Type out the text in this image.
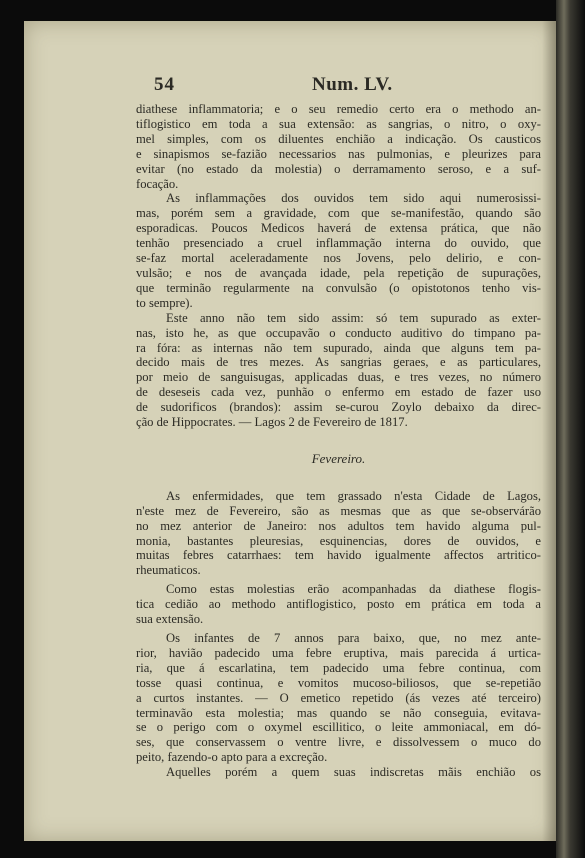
54	Num. LV.
diathese inflammatoria; e o seu remedio certo era o methodo an-
tiflogistico em toda a sua extensão: as sangrias, o nitro, o oxy-
mel simples, com os diluentes enchião a indicação. Os causticos
e sinapismos se-fazião necessarios nas pulmonias, e pleurizes para
evitar (no estado da molestia) o derramamento seroso, e a suf-
focação.
As inflammações dos ouvidos tem sido aqui numerosissi-
mas, porém sem a gravidade, com que se-manifestão, quando são
esporadicas. Poucos Medicos haverá de extensa prática, que não
tenhão presenciado a cruel inflammação interna do ouvido, que
se-faz mortal aceleradamente nos Jovens, pelo delirio, e con-
vulsão; e nos de avançada idade, pela repetição de supurações,
que terminão regularmente na convulsão (o opistotonos tenho vis-
to sempre).
Este anno não tem sido assim: só tem supurado as exter-
nas, isto he, as que occupavão o conducto auditivo do timpano pa-
ra fóra: as internas não tem supurado, ainda que alguns tem pa-
decido mais de tres mezes. As sangrias geraes, e as particulares,
por meio de sanguisugas, applicadas duas, e tres vezes, no número
de deseseis cada vez, punhão o enfermo em estado de fazer uso
de sudorificos (brandos): assim se-curou Zoylo debaixo da direc-
ção de Hippocrates. — Lagos 2 de Fevereiro de 1817.
Fevereiro.
As enfermidades, que tem grassado n'esta Cidade de Lagos,
n'este mez de Fevereiro, são as mesmas que as que se-observárão
no mez anterior de Janeiro: nos adultos tem havido alguma pul-
monia, bastantes pleuresias, esquinencias, dores de ouvidos, e
muitas febres catarrhaes: tem havido igualmente affectos artritico-
rheumaticos.
Como estas molestias erão acompanhadas da diathese flogis-
tica cedião ao methodo antiflogistico, posto em prática em toda a
sua extensão.
Os infantes de 7 annos para baixo, que, no mez ante-
rior, havião padecido uma febre eruptiva, mais parecida á urtica-
ria, que á escarlatina, tem padecido uma febre continua, com
tosse quasi continua, e vomitos mucoso-biliosos, que se-repetião
a curtos instantes. — O emetico repetido (ás vezes até terceiro)
terminavão esta molestia; mas quando se não conseguia, evitava-
se o perigo com o oxymel escillitico, o leite ammoniacal, em dó-
ses, que conservassem o ventre livre, e dissolvessem o muco do
peito, fazendo-o apto para a excreção.
Aquelles porém a quem suas indiscretas mãis enchião os
